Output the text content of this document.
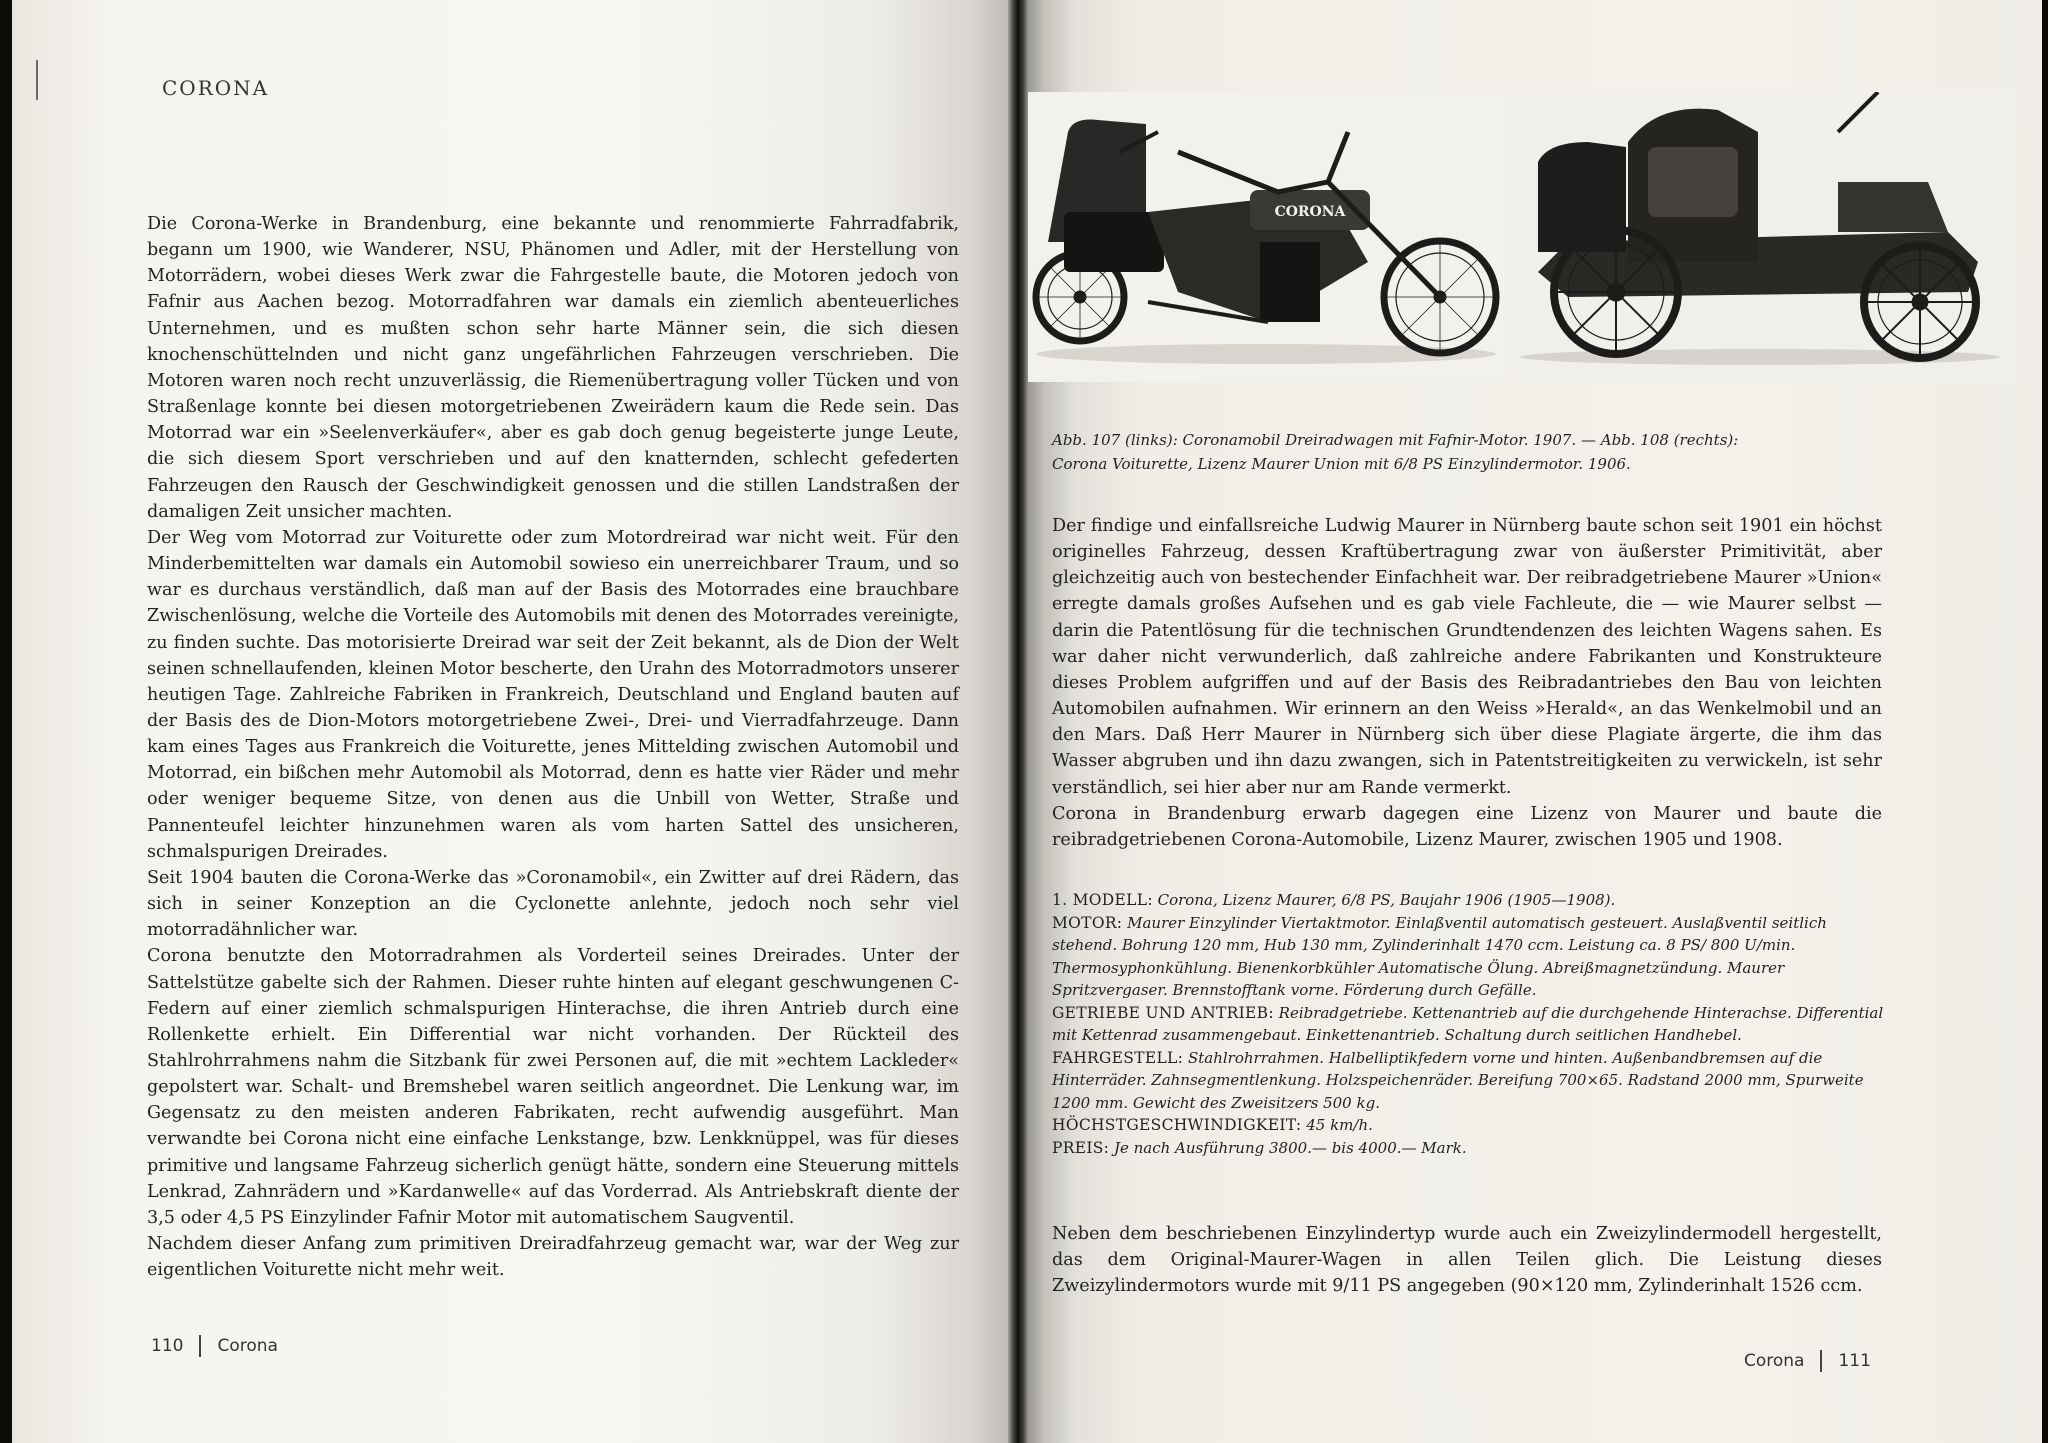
CORONA

Die Corona-Werke in Brandenburg, eine bekannte und renommierte Fahrradfabrik, begann um 1900, wie Wanderer, NSU, Phänomen und Adler, mit der Herstellung von Motorrädern, wobei dieses Werk zwar die Fahrgestelle baute, die Motoren jedoch von Fafnir aus Aachen bezog. Motorradfahren war damals ein ziemlich abenteuerliches Unternehmen, und es mußten schon sehr harte Männer sein, die sich diesen knochenschüttelnden und nicht ganz ungefährlichen Fahrzeugen verschrieben. Die Motoren waren noch recht unzuverlässig, die Riemenübertragung voller Tücken und von Straßenlage konnte bei diesen motorgetriebenen Zweirädern kaum die Rede sein. Das Motorrad war ein »Seelenverkäufer«, aber es gab doch genug begeisterte junge Leute, die sich diesem Sport verschrieben und auf den knatternden, schlecht gefederten Fahrzeugen den Rausch der Geschwindigkeit genossen und die stillen Landstraßen der damaligen Zeit unsicher machten.

Der Weg vom Motorrad zur Voiturette oder zum Motordreirad war nicht weit. Für den Minderbemittelten war damals ein Automobil sowieso ein unerreichbarer Traum, und so war es durchaus verständlich, daß man auf der Basis des Motorrades eine brauchbare Zwischenlösung, welche die Vorteile des Automobils mit denen des Motorrades vereinigte, zu finden suchte. Das motorisierte Dreirad war seit der Zeit bekannt, als de Dion der Welt seinen schnellaufenden, kleinen Motor bescherte, den Urahn des Motorradmotors unserer heutigen Tage. Zahlreiche Fabriken in Frankreich, Deutschland und England bauten auf der Basis des de Dion-Motors motorgetriebene Zwei-, Drei- und Vierradfahrzeuge. Dann kam eines Tages aus Frankreich die Voiturette, jenes Mittelding zwischen Automobil und Motorrad, ein bißchen mehr Automobil als Motorrad, denn es hatte vier Räder und mehr oder weniger bequeme Sitze, von denen aus die Unbill von Wetter, Straße und Pannenteufel leichter hinzunehmen waren als vom harten Sattel des unsicheren, schmalspurigen Dreirades.

Seit 1904 bauten die Corona-Werke das »Coronamobil«, ein Zwitter auf drei Rädern, das sich in seiner Konzeption an die Cyclonette anlehnte, jedoch noch sehr viel motorradähnlicher war.

Corona benutzte den Motorradrahmen als Vorderteil seines Dreirades. Unter der Sattelstütze gabelte sich der Rahmen. Dieser ruhte hinten auf elegant geschwungenen C-Federn auf einer ziemlich schmalspurigen Hinterachse, die ihren Antrieb durch eine Rollenkette erhielt. Ein Differential war nicht vorhanden. Der Rückteil des Stahlrohrrahmens nahm die Sitzbank für zwei Personen auf, die mit »echtem Lackleder« gepolstert war. Schalt- und Bremshebel waren seitlich angeordnet. Die Lenkung war, im Gegensatz zu den meisten anderen Fabrikaten, recht aufwendig ausgeführt. Man verwandte bei Corona nicht eine einfache Lenkstange, bzw. Lenkknüppel, was für dieses primitive und langsame Fahrzeug sicherlich genügt hätte, sondern eine Steuerung mittels Lenkrad, Zahnrädern und »Kardanwelle« auf das Vorderrad. Als Antriebskraft diente der 3,5 oder 4,5 PS Einzylinder Fafnir Motor mit automatischem Saugventil.

Nachdem dieser Anfang zum primitiven Dreiradfahrzeug gemacht war, war der Weg zur eigentlichen Voiturette nicht mehr weit.

110 Corona
CORONA

Abb. 107 (links): Coronamobil Dreiradwagen mit Fafnir-Motor. 1907. — Abb. 108 (rechts):

Corona Voiturette, Lizenz Maurer Union mit 6/8 PS Einzylindermotor. 1906.

Der findige und einfallsreiche Ludwig Maurer in Nürnberg baute schon seit 1901 ein höchst originelles Fahrzeug, dessen Kraftübertragung zwar von äußerster Primitivität, aber gleichzeitig auch von bestechender Einfachheit war. Der reibradgetriebene Maurer »Union« erregte damals großes Aufsehen und es gab viele Fachleute, die — wie Maurer selbst — darin die Patentlösung für die technischen Grundtendenzen des leichten Wagens sahen. Es war daher nicht verwunderlich, daß zahlreiche andere Fabrikanten und Konstrukteure dieses Problem aufgriffen und auf der Basis des Reibradantriebes den Bau von leichten Automobilen aufnahmen. Wir erinnern an den Weiss »Herald«, an das Wenkelmobil und an den Mars. Daß Herr Maurer in Nürnberg sich über diese Plagiate ärgerte, die ihm das Wasser abgruben und ihn dazu zwangen, sich in Patentstreitigkeiten zu verwickeln, ist sehr verständlich, sei hier aber nur am Rande vermerkt.

Corona in Brandenburg erwarb dagegen eine Lizenz von Maurer und baute die reibradgetriebenen Corona-Automobile, Lizenz Maurer, zwischen 1905 und 1908.

1. MODELL: Corona, Lizenz Maurer, 6/8 PS, Baujahr 1906 (1905—1908).

MOTOR: Maurer Einzylinder Viertaktmotor. Einlaßventil automatisch gesteuert. Auslaßventil seitlich stehend. Bohrung 120 mm, Hub 130 mm, Zylinderinhalt 1470 ccm. Leistung ca. 8 PS/ 800 U/min. Thermosyphonkühlung. Bienenkorbkühler Automatische Ölung. Abreißmagnetzündung. Maurer Spritzvergaser. Brennstofftank vorne. Förderung durch Gefälle.

GETRIEBE UND ANTRIEB: Reibradgetriebe. Kettenantrieb auf die durchgehende Hinterachse. Differential mit Kettenrad zusammengebaut. Einkettenantrieb. Schaltung durch seitlichen Handhebel.

FAHRGESTELL: Stahlrohrrahmen. Halbelliptikfedern vorne und hinten. Außenbandbremsen auf die Hinterräder. Zahnsegmentlenkung. Holzspeichenräder. Bereifung 700×65. Radstand 2000 mm, Spurweite 1200 mm. Gewicht des Zweisitzers 500 kg.

HÖCHSTGESCHWINDIGKEIT: 45 km/h.

PREIS: Je nach Ausführung 3800.— bis 4000.— Mark.

Neben dem beschriebenen Einzylindertyp wurde auch ein Zweizylindermodell hergestellt, das dem Original-Maurer-Wagen in allen Teilen glich. Die Leistung dieses Zweizylindermotors wurde mit 9/11 PS angegeben (90×120 mm, Zylinderinhalt 1526 ccm.

Corona 111
